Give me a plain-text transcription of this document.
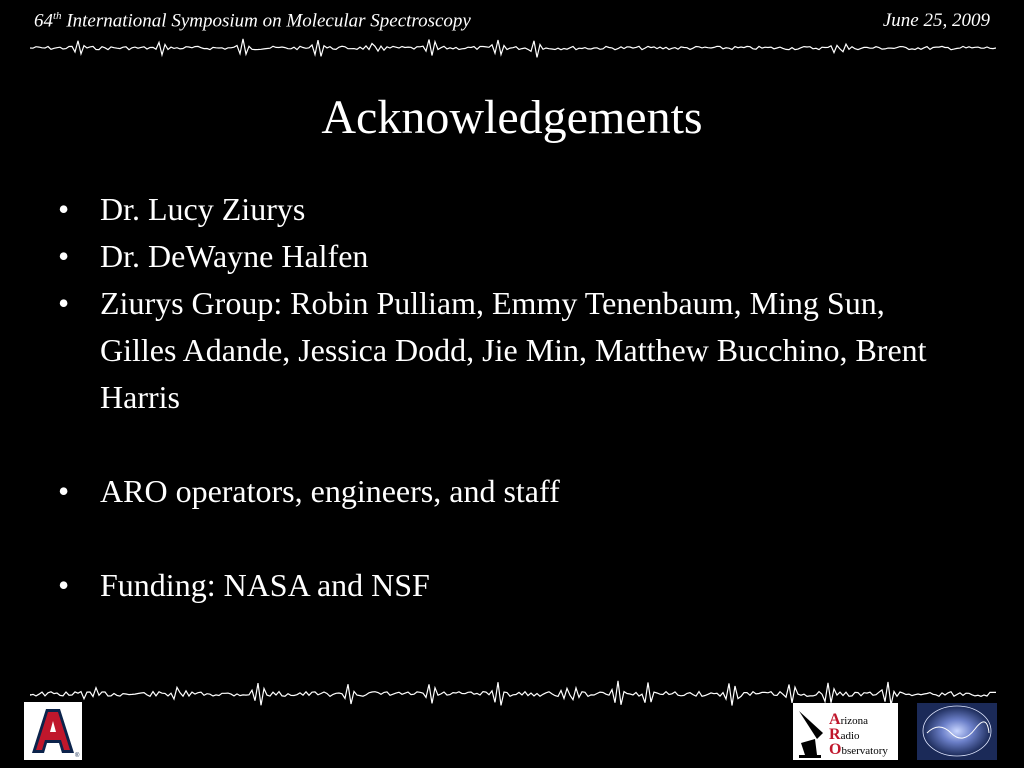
64th International Symposium on Molecular Spectroscopy	June 25, 2009
Acknowledgements
• Dr. Lucy Ziurys
• Dr. DeWayne Halfen
• Ziurys Group: Robin Pulliam, Emmy Tenenbaum, Ming Sun, Gilles Adande, Jessica Dodd, Jie Min, Matthew Bucchino, Brent Harris
• ARO operators, engineers, and staff
• Funding: NASA and NSF
®
Arizona
Radio
Observatory
